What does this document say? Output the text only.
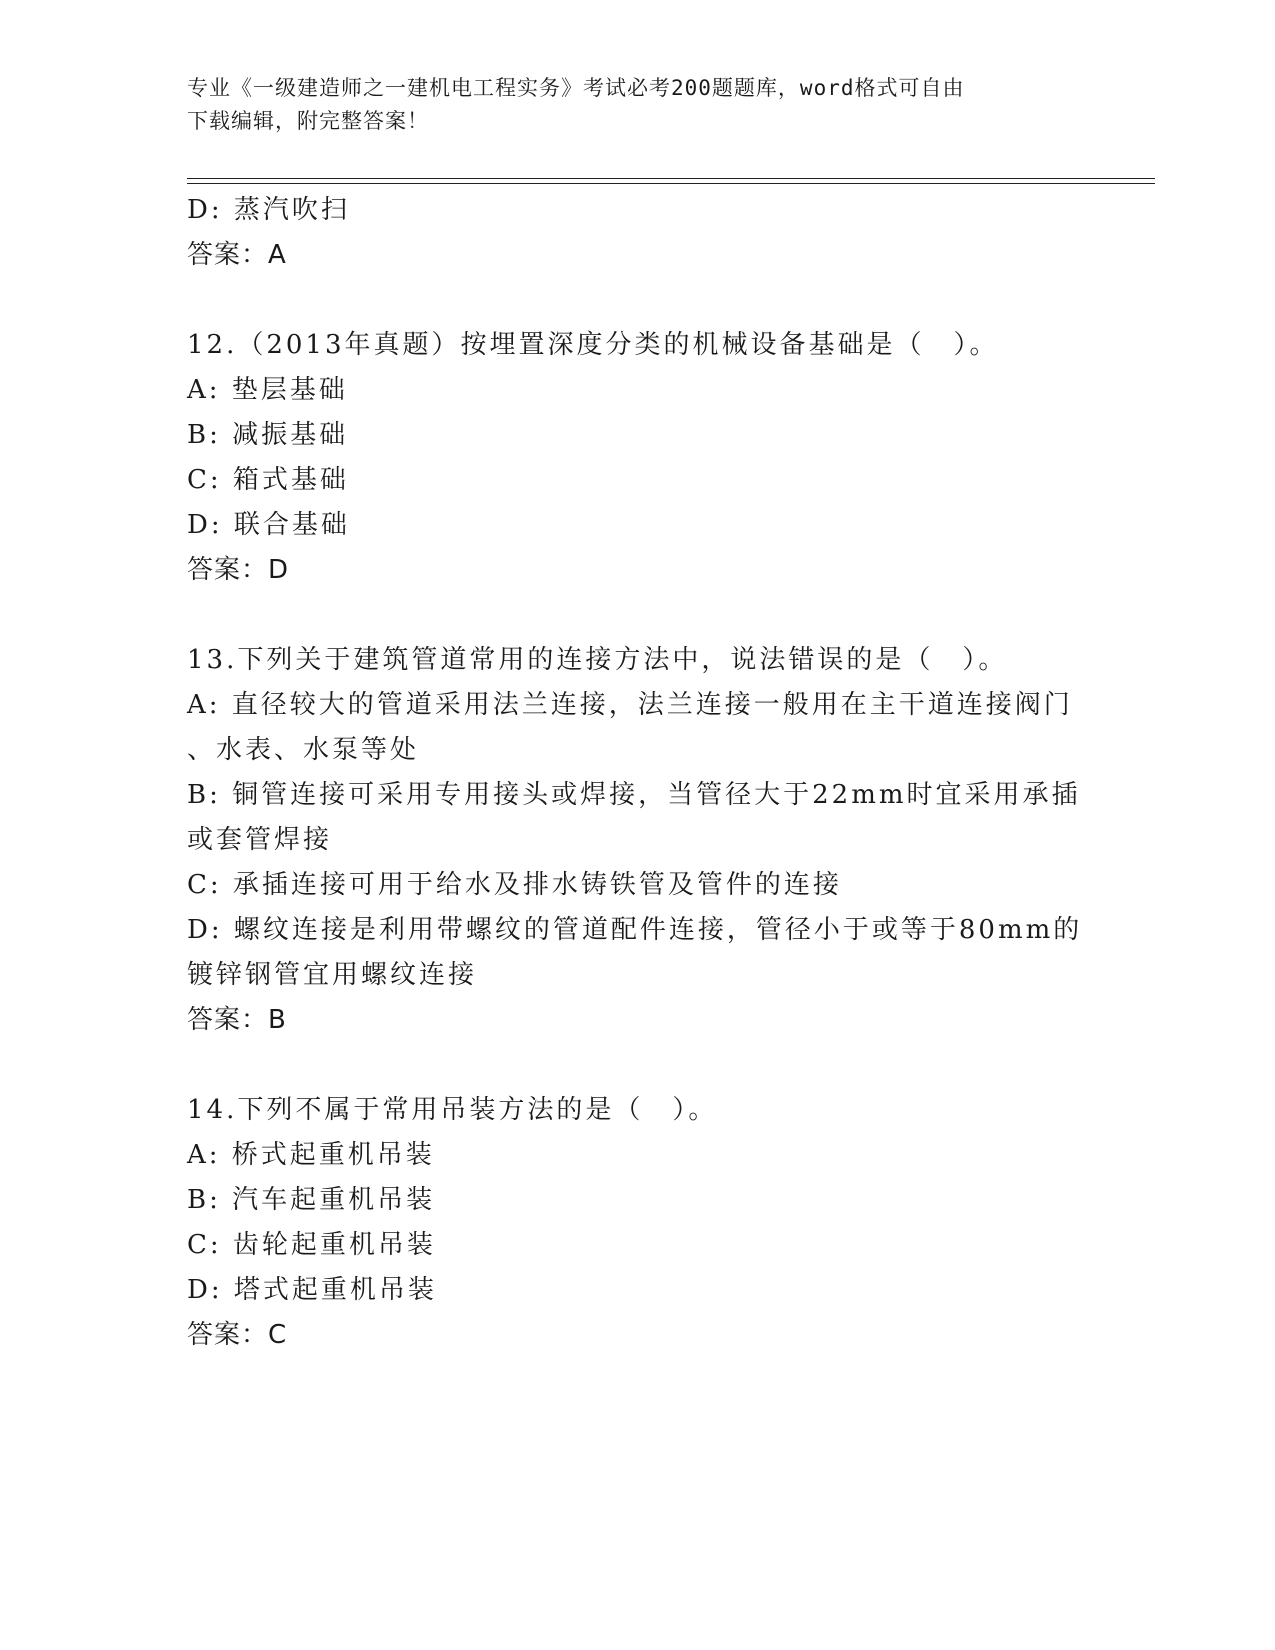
专业《一级建造师之一建机电工程实务》考试必考200题题库，word格式可自由
下载编辑，附完整答案！
D: 蒸汽吹扫
答案：A
12.（2013年真题）按埋置深度分类的机械设备基础是（　）。
A: 垫层基础
B: 减振基础
C: 箱式基础
D: 联合基础
答案：D
13.下列关于建筑管道常用的连接方法中，说法错误的是（　）。
A: 直径较大的管道采用法兰连接，法兰连接一般用在主干道连接阀门
、水表、水泵等处
B: 铜管连接可采用专用接头或焊接，当管径大于22mm时宜采用承插
或套管焊接
C: 承插连接可用于给水及排水铸铁管及管件的连接
D: 螺纹连接是利用带螺纹的管道配件连接，管径小于或等于80mm的
镀锌钢管宜用螺纹连接
答案：B
14.下列不属于常用吊装方法的是（　）。
A: 桥式起重机吊装
B: 汽车起重机吊装
C: 齿轮起重机吊装
D: 塔式起重机吊装
答案：C
